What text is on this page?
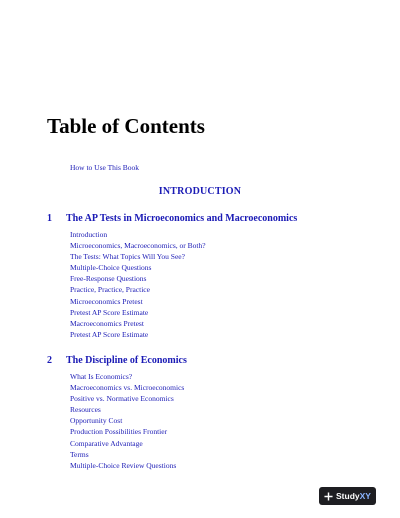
Table of Contents
How to Use This Book
INTRODUCTION
1 The AP Tests in Microeconomics and Macroeconomics
Introduction
Microeconomics, Macroeconomics, or Both?
The Tests: What Topics Will You See?
Multiple-Choice Questions
Free-Response Questions
Practice, Practice, Practice
Microeconomics Pretest
Pretest AP Score Estimate
Macroeconomics Pretest
Pretest AP Score Estimate
2 The Discipline of Economics
What Is Economics?
Macroeconomics vs. Microeconomics
Positive vs. Normative Economics
Resources
Opportunity Cost
Production Possibilities Frontier
Comparative Advantage
Terms
Multiple-Choice Review Questions
Study XY
